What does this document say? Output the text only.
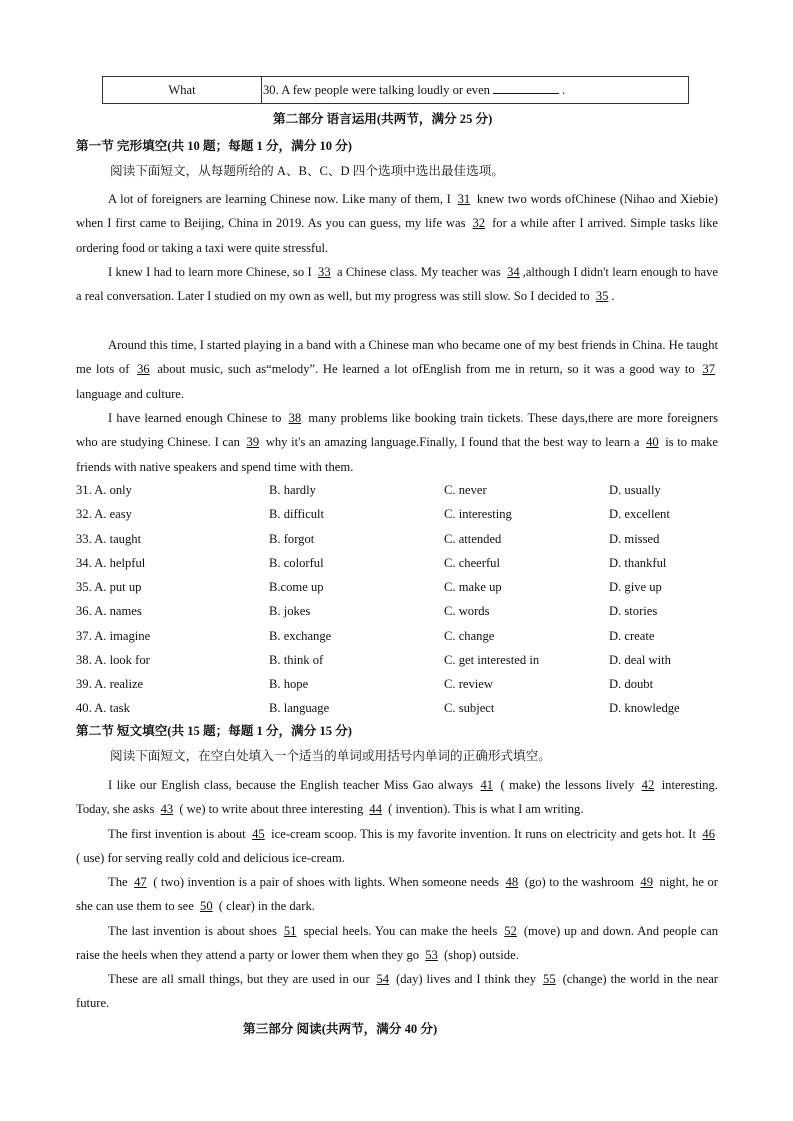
What	30. A few people were talking loudly or even	.
第二部分 语言运用(共两节，满分 25 分)
第一节 完形填空(共 10 题；每题 1 分，满分 10 分)
阅读下面短文，从每题所给的 A、B、C、D 四个选项中选出最佳选项。
A lot of foreigners are learning Chinese now. Like many of them, I 31 knew two words ofChinese (Nihao and Xiebie) when I first came to Beijing, China in 2019. As you can guess, my life was 32 for a while after I arrived. Simple tasks like ordering food or taking a taxi were quite stressful.
I knew I had to learn more Chinese, so I 33 a Chinese class. My teacher was 34 ,although I didn't learn enough to have a real conversation. Later I studied on my own as well, but my progress was still slow. So I decided to 35 .
Around this time, I started playing in a band with a Chinese man who became one of my best friends in China. He taught me lots of 36 about music, such as“melody”. He learned a lot ofEnglish from me in return, so it was a good way to 37 language and culture.
I have learned enough Chinese to 38 many problems like booking train tickets. These days,there are more foreigners who are studying Chinese. I can 39 why it's an amazing language.Finally, I found that the best way to learn a 40 is to make friends with native speakers and spend time with them.
31. A. only	B. hardly	C. never	D. usually
32. A. easy	B. difficult	C. interesting	D. excellent
33. A. taught	B. forgot	C. attended	D. missed
34. A. helpful	B. colorful	C. cheerful	D. thankful
35. A. put up	B.come up	C. make up	D. give up
36. A. names	B. jokes	C. words	D. stories
37. A. imagine	B. exchange	C. change	D. create
38. A. look for	B. think of	C. get interested in	D. deal with
39. A. realize	B. hope	C. review	D. doubt
40. A. task	B. language	C. subject	D. knowledge
第二节 短文填空(共 15 题；每题 1 分，满分 15 分)
阅读下面短文，在空白处填入一个适当的单词或用括号内单词的正确形式填空。
I like our English class, because the English teacher Miss Gao always 41 ( make) the lessons lively 42 interesting. Today, she asks 43 ( we) to write about three interesting 44 ( invention). This is what I am writing.
The first invention is about 45 ice-cream scoop. This is my favorite invention. It runs on electricity and gets hot. It 46 ( use) for serving really cold and delicious ice-cream.
The 47 ( two) invention is a pair of shoes with lights. When someone needs 48 (go) to the washroom 49 night, he or she can use them to see 50 ( clear) in the dark.
The last invention is about shoes 51 special heels. You can make the heels 52 (move) up and down. And people can raise the heels when they attend a party or lower them when they go 53 (shop) outside.
These are all small things, but they are used in our 54 (day) lives and I think they 55 (change) the world in the near future.
第三部分 阅读(共两节，满分 40 分)
